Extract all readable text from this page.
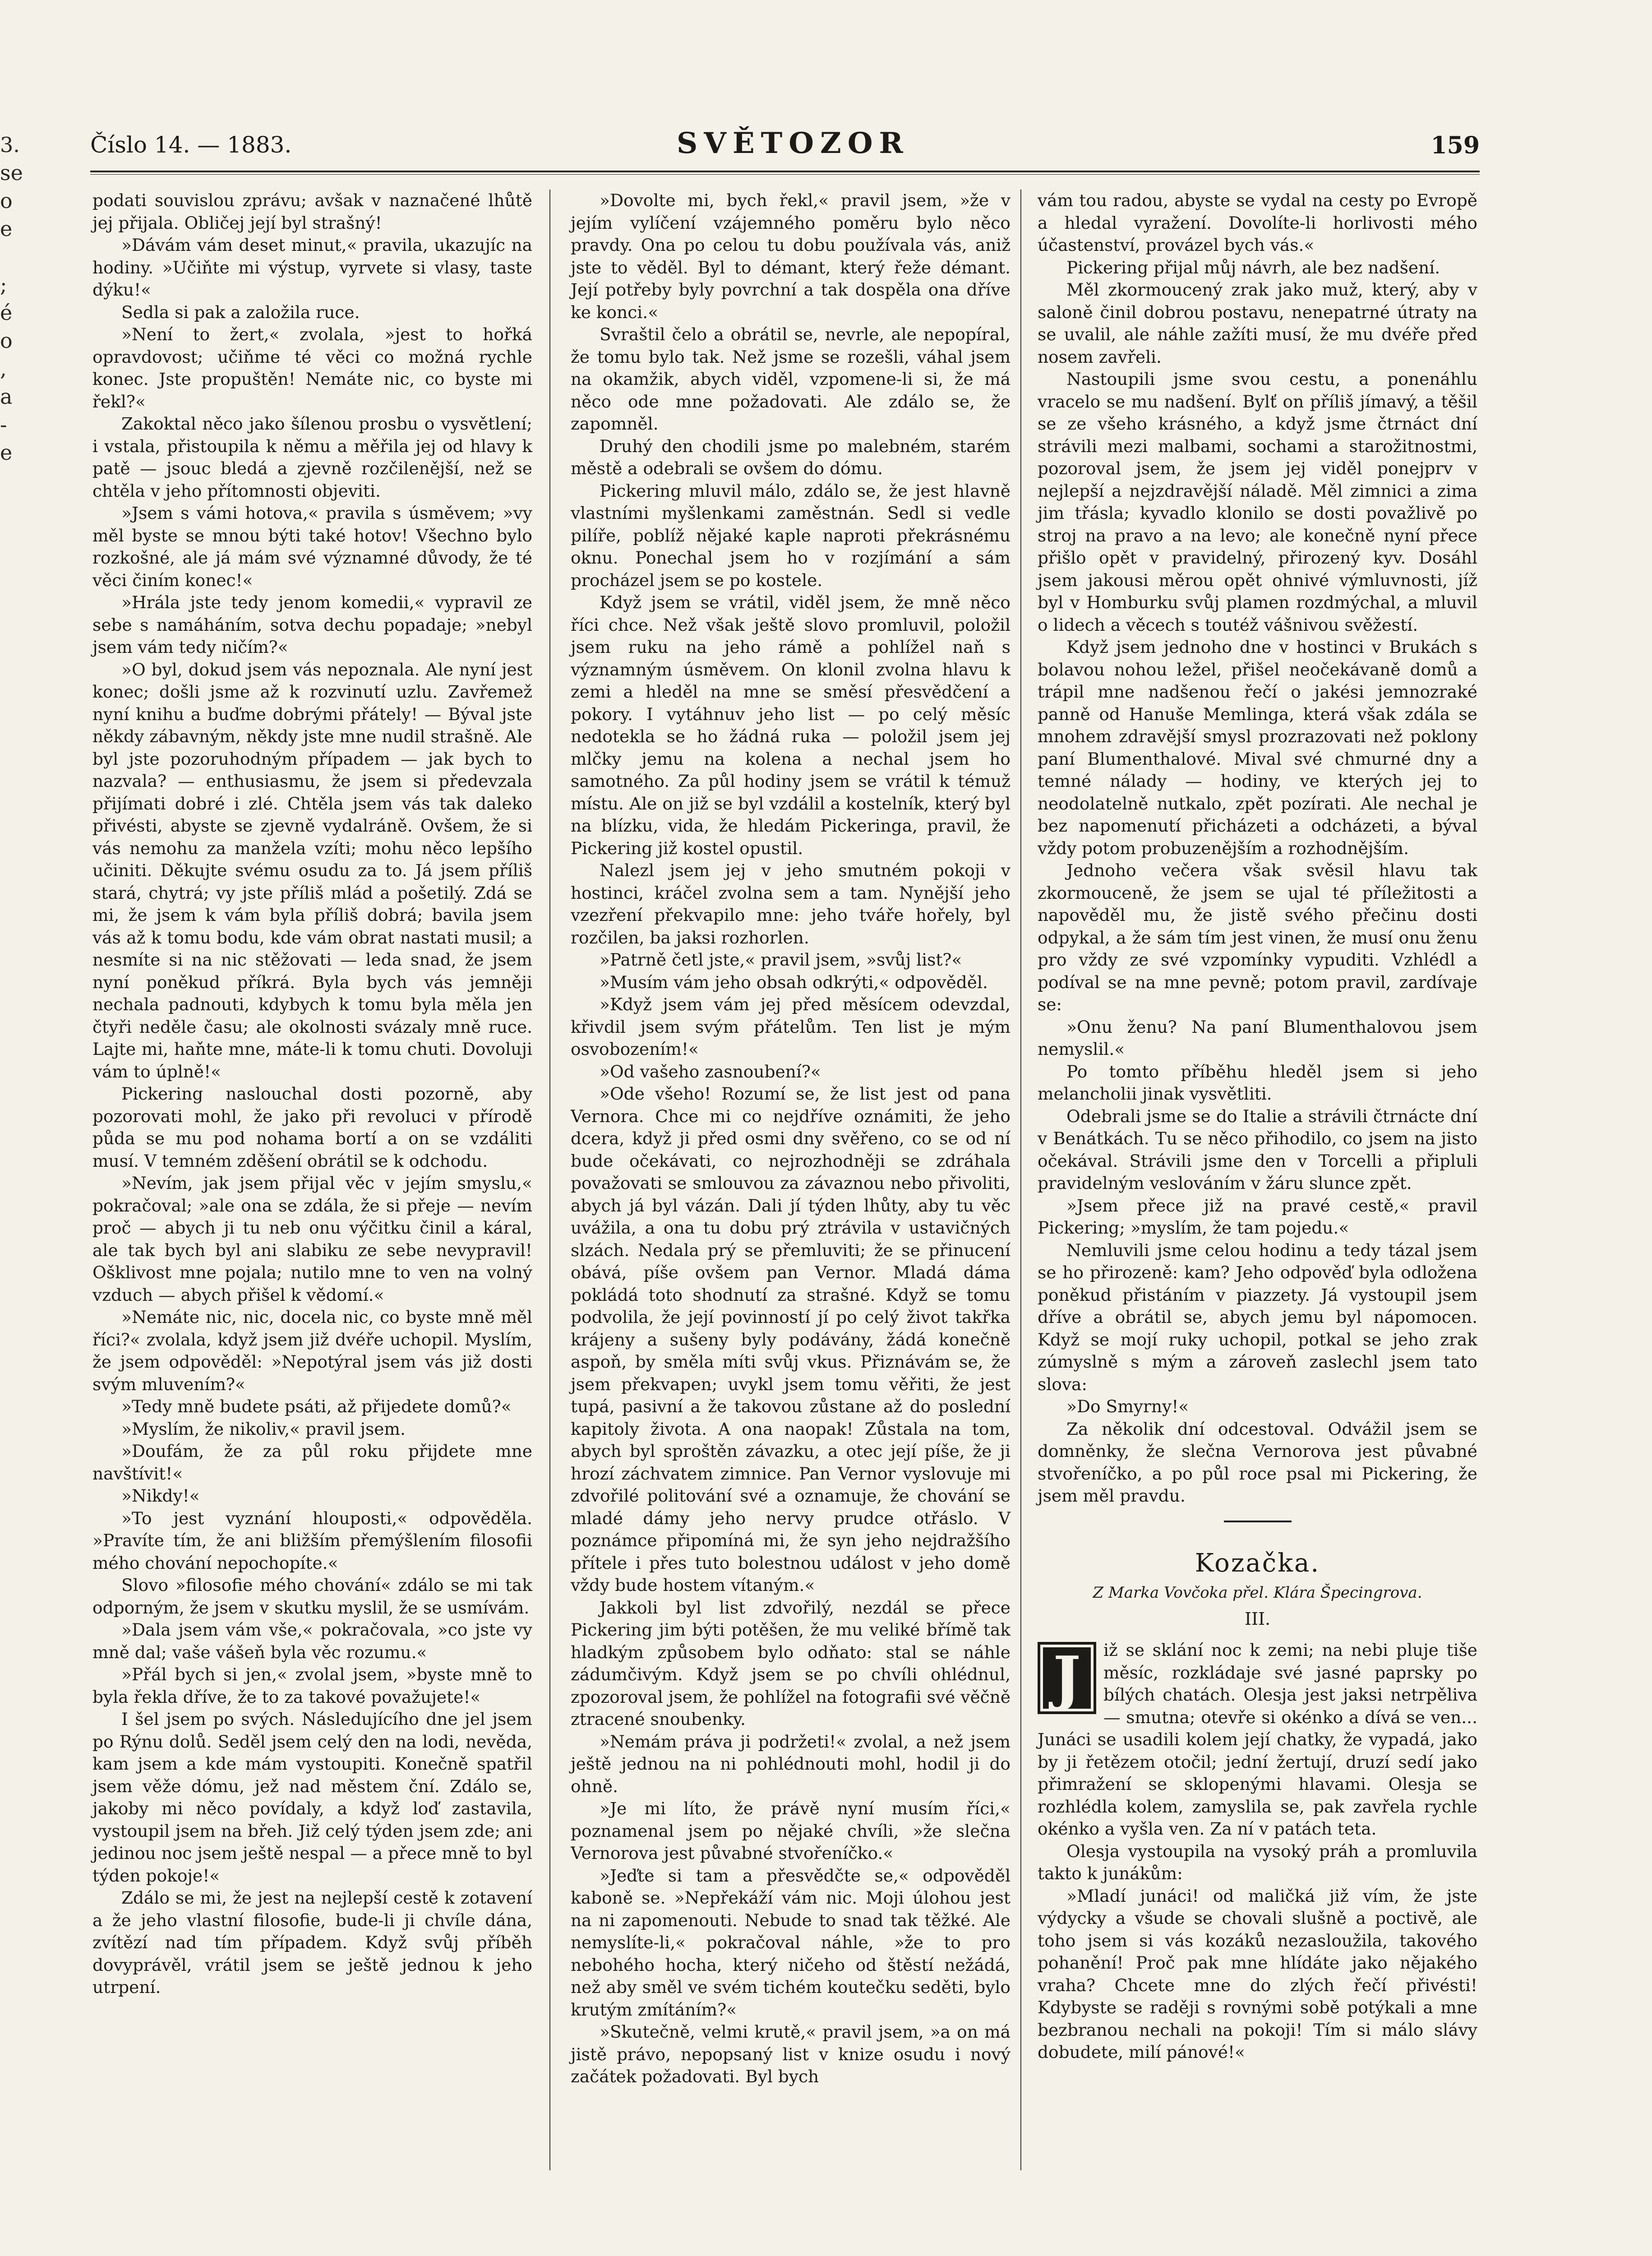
3.
se
o
e
;
é
o
,
a
-
e
Číslo 14. — 1883.	SVĚTOZOR	159

podati souvislou zprávu; avšak v naznačené lhůtě jej přijala. Obličej její byl strašný!

»Dávám vám deset minut,« pravila, ukazujíc na hodiny. »Učiňte mi výstup, vyrvete si vlasy, taste dýku!«

Sedla si pak a založila ruce.

»Není to žert,« zvolala, »jest to hořká opravdovost; učiňme té věci co možná rychle konec. Jste propuštěn! Nemáte nic, co byste mi řekl?«

Zakoktal něco jako šílenou prosbu o vysvětlení; i vstala, přistoupila k němu a měřila jej od hlavy k patě — jsouc bledá a zjevně rozčilenější, než se chtěla v jeho přítomnosti objeviti.

»Jsem s vámi hotova,« pravila s úsměvem; »vy měl byste se mnou býti také hotov! Všechno bylo rozkošné, ale já mám své významné důvody, že té věci činím konec!«

»Hrála jste tedy jenom komedii,« vypravil ze sebe s namáháním, sotva dechu popadaje; »nebyl jsem vám tedy ničím?«

»O byl, dokud jsem vás nepoznala. Ale nyní jest konec; došli jsme až k rozvinutí uzlu. Zavřemež nyní knihu a buďme dobrými přátely! — Býval jste někdy zábavným, někdy jste mne nudil strašně. Ale byl jste pozoruhodným případem — jak bych to nazvala? — enthusiasmu, že jsem si předevzala přijímati dobré i zlé. Chtěla jsem vás tak daleko přivésti, abyste se zjevně vydalráně. Ovšem, že si vás nemohu za manžela vzíti; mohu něco lepšího učiniti. Děkujte svému osudu za to. Já jsem příliš stará, chytrá; vy jste příliš mlád a pošetilý. Zdá se mi, že jsem k vám byla příliš dobrá; bavila jsem vás až k tomu bodu, kde vám obrat nastati musil; a nesmíte si na nic stěžovati — leda snad, že jsem nyní poněkud příkrá. Byla bych vás jemněji nechala padnouti, kdybych k tomu byla měla jen čtyři neděle času; ale okolnosti svázaly mně ruce. Lajte mi, haňte mne, máte-li k tomu chuti. Dovoluji vám to úplně!«

Pickering naslouchal dosti pozorně, aby pozorovati mohl, že jako při revoluci v přírodě půda se mu pod nohama bortí a on se vzdáliti musí. V temném zděšení obrátil se k odchodu.

»Nevím, jak jsem přijal věc v jejím smyslu,« pokračoval; »ale ona se zdála, že si přeje — nevím proč — abych ji tu neb onu výčitku činil a káral, ale tak bych byl ani slabiku ze sebe nevypravil! Ošklivost mne pojala; nutilo mne to ven na volný vzduch — abych přišel k vědomí.«

»Nemáte nic, nic, docela nic, co byste mně měl říci?« zvolala, když jsem již dvéře uchopil. Myslím, že jsem odpověděl: »Nepotýral jsem vás již dosti svým mluvením?«

»Tedy mně budete psáti, až přijedete domů?«

»Myslím, že nikoliv,« pravil jsem.

»Doufám, že za půl roku přijdete mne navštívit!«

»Nikdy!«

»To jest vyznání hlouposti,« odpověděla. »Pravíte tím, že ani bližším přemýšlením filosofii mého chování nepochopíte.«

Slovo »filosofie mého chování« zdálo se mi tak odporným, že jsem v skutku myslil, že se usmívám.

»Dala jsem vám vše,« pokračovala, »co jste vy mně dal; vaše vášeň byla věc rozumu.«

»Přál bych si jen,« zvolal jsem, »byste mně to byla řekla dříve, že to za takové považujete!«

I šel jsem po svých. Následujícího dne jel jsem po Rýnu dolů. Seděl jsem celý den na lodi, nevěda, kam jsem a kde mám vystoupiti. Konečně spatřil jsem věže dómu, jež nad městem ční. Zdálo se, jakoby mi něco povídaly, a když loď zastavila, vystoupil jsem na břeh. Již celý týden jsem zde; ani jedinou noc jsem ještě nespal — a přece mně to byl týden pokoje!«

Zdálo se mi, že jest na nejlepší cestě k zotavení a že jeho vlastní filosofie, bude-li ji chvíle dána, zvítězí nad tím případem. Když svůj příběh dovyprávěl, vrátil jsem se ještě jednou k jeho utrpení.

»Dovolte mi, bych řekl,« pravil jsem, »že v jejím vylíčení vzájemného poměru bylo něco pravdy. Ona po celou tu dobu používala vás, aniž jste to věděl. Byl to démant, který řeže démant. Její potřeby byly povrchní a tak dospěla ona dříve ke konci.«

Svraštil čelo a obrátil se, nevrle, ale nepopíral, že tomu bylo tak. Než jsme se rozešli, váhal jsem na okamžik, abych viděl, vzpomene-li si, že má něco ode mne požadovati. Ale zdálo se, že zapomněl.

Druhý den chodili jsme po malebném, starém městě a odebrali se ovšem do dómu.

Pickering mluvil málo, zdálo se, že jest hlavně vlastními myšlenkami zaměstnán. Sedl si vedle pilíře, poblíž nějaké kaple naproti překrásnému oknu. Ponechal jsem ho v rozjímání a sám procházel jsem se po kostele.

Když jsem se vrátil, viděl jsem, že mně něco říci chce. Než však ještě slovo promluvil, položil jsem ruku na jeho rámě a pohlížel naň s významným úsměvem. On klonil zvolna hlavu k zemi a hleděl na mne se směsí přesvědčení a pokory. I vytáhnuv jeho list — po celý měsíc nedotekla se ho žádná ruka — položil jsem jej mlčky jemu na kolena a nechal jsem ho samotného. Za půl hodiny jsem se vrátil k témuž místu. Ale on již se byl vzdálil a kostelník, který byl na blízku, vida, že hledám Pickeringa, pravil, že Pickering již kostel opustil.

Nalezl jsem jej v jeho smutném pokoji v hostinci, kráčel zvolna sem a tam. Nynější jeho vzezření překvapilo mne: jeho tváře hořely, byl rozčilen, ba jaksi rozhorlen.

»Patrně četl jste,« pravil jsem, »svůj list?«

»Musím vám jeho obsah odkrýti,« odpověděl.

»Když jsem vám jej před měsícem odevzdal, křivdil jsem svým přátelům. Ten list je mým osvobozením!«

»Od vašeho zasnoubení?«

»Ode všeho! Rozumí se, že list jest od pana Vernora. Chce mi co nejdříve oznámiti, že jeho dcera, když ji před osmi dny svěřeno, co se od ní bude očekávati, co nejrozhodněji se zdráhala považovati se smlouvou za závaznou nebo přivoliti, abych já byl vázán. Dali jí týden lhůty, aby tu věc uvážila, a ona tu dobu prý ztrávila v ustavičných slzách. Nedala prý se přemluviti; že se přinucení obává, píše ovšem pan Vernor. Mladá dáma pokládá toto shodnutí za strašné. Když se tomu podvolila, že její povinností jí po celý život takřka krájeny a sušeny byly podávány, žádá konečně aspoň, by směla míti svůj vkus. Přiznávám se, že jsem překvapen; uvykl jsem tomu věřiti, že jest tupá, pasivní a že takovou zůstane až do poslední kapitoly života. A ona naopak! Zůstala na tom, abych byl sproštěn závazku, a otec její píše, že ji hrozí záchvatem zimnice. Pan Vernor vyslovuje mi zdvořilé politování své a oznamuje, že chování se mladé dámy jeho nervy prudce otřáslo. V poznámce připomíná mi, že syn jeho nejdražšího přítele i přes tuto bolestnou událost v jeho domě vždy bude hostem vítaným.«

Jakkoli byl list zdvořilý, nezdál se přece Pickering jim býti potěšen, že mu veliké břímě tak hladkým způsobem bylo odňato: stal se náhle zádumčivým. Když jsem se po chvíli ohlédnul, zpozoroval jsem, že pohlížel na fotografii své věčně ztracené snoubenky.

»Nemám práva ji podržeti!« zvolal, a než jsem ještě jednou na ni pohlédnouti mohl, hodil ji do ohně.

»Je mi líto, že právě nyní musím říci,« poznamenal jsem po nějaké chvíli, »že slečna Vernorova jest půvabné stvořeníčko.«

»Jeďte si tam a přesvědčte se,« odpověděl kaboně se. »Nepřekáží vám nic. Moji úlohou jest na ni zapomenouti. Nebude to snad tak těžké. Ale nemyslíte-li,« pokračoval náhle, »že to pro nebohého hocha, který ničeho od štěstí nežádá, než aby směl ve svém tichém koutečku seděti, bylo krutým zmítáním?«

»Skutečně, velmi krutě,« pravil jsem, »a on má jistě právo, nepopsaný list v knize osudu i nový začátek požadovati. Byl bych

vám tou radou, abyste se vydal na cesty po Evropě a hledal vyražení. Dovolíte-li horlivosti mého účastenství, provázel bych vás.«

Pickering přijal můj návrh, ale bez nadšení.

Měl zkormoucený zrak jako muž, který, aby v saloně činil dobrou postavu, nenepatrné útraty na se uvalil, ale náhle zažíti musí, že mu dvéře před nosem zavřeli.

Nastoupili jsme svou cestu, a ponenáhlu vracelo se mu nadšení. Bylť on příliš jímavý, a těšil se ze všeho krásného, a když jsme čtrnáct dní strávili mezi malbami, sochami a starožitnostmi, pozoroval jsem, že jsem jej viděl ponejprv v nejlepší a nejzdravější náladě. Měl zimnici a zima jim třásla; kyvadlo klonilo se dosti považlivě po stroj na pravo a na levo; ale konečně nyní přece přišlo opět v pravidelný, přirozený kyv. Dosáhl jsem jakousi měrou opět ohnivé výmluvnosti, jíž byl v Homburku svůj plamen rozdmýchal, a mluvil o lidech a věcech s toutéž vášnivou svěžestí.

Když jsem jednoho dne v hostinci v Brukách s bolavou nohou ležel, přišel neočekávaně domů a trápil mne nadšenou řečí o jakési jemnozraké panně od Hanuše Memlinga, která však zdála se mnohem zdravější smysl prozrazovati než poklony paní Blumenthalové. Mival své chmurné dny a temné nálady — hodiny, ve kterých jej to neodolatelně nutkalo, zpět pozírati. Ale nechal je bez napomenutí přicházeti a odcházeti, a býval vždy potom probuzenějším a rozhodnějším.

Jednoho večera však svěsil hlavu tak zkormouceně, že jsem se ujal té příležitosti a napověděl mu, že jistě svého přečinu dosti odpykal, a že sám tím jest vinen, že musí onu ženu pro vždy ze své vzpomínky vypuditi. Vzhlédl a podíval se na mne pevně; potom pravil, zardívaje se:

»Onu ženu? Na paní Blumenthalovou jsem nemyslil.«

Po tomto příběhu hleděl jsem si jeho melancholii jinak vysvětliti.

Odebrali jsme se do Italie a strávili čtrnácte dní v Benátkách. Tu se něco přihodilo, co jsem na jisto očekával. Strávili jsme den v Torcelli a připluli pravidelným veslováním v žáru slunce zpět.

»Jsem přece již na pravé cestě,« pravil Pickering; »myslím, že tam pojedu.«

Nemluvili jsme celou hodinu a tedy tázal jsem se ho přirozeně: kam? Jeho odpověď byla odložena poněkud přistáním v piazzety. Já vystoupil jsem dříve a obrátil se, abych jemu byl nápomocen. Když se mojí ruky uchopil, potkal se jeho zrak zúmyslně s mým a zároveň zaslechl jsem tato slova:

»Do Smyrny!«

Za několik dní odcestoval. Odvážil jsem se domněnky, že slečna Vernorova jest půvabné stvořeníčko, a po půl roce psal mi Pickering, že jsem měl pravdu.

Kozačka.
Z Marka Vovčoka přel. Klára Špecingrova.
III.
J	iž se sklání noc k zemi; na nebi pluje tiše měsíc, rozkládaje své jasné paprsky po bílých chatách. Olesja jest jaksi netrpěliva — smutna; otevře si okénko a dívá se ven... Junáci se usadili kolem její chatky, že vypadá, jako by ji řetězem otočil; jední žertují, druzí sedí jako přimražení se sklopenými hlavami. Olesja se rozhlédla kolem, zamyslila se, pak zavřela rychle okénko a vyšla ven. Za ní v patách teta.

Olesja vystoupila na vysoký práh a promluvila takto k junákům:

»Mladí junáci! od maličká již vím, že jste výdycky a všude se chovali slušně a poctivě, ale toho jsem si vás kozáků nezasloužila, takového pohanění! Proč pak mne hlídáte jako nějakého vraha? Chcete mne do zlých řečí přivésti! Kdybyste se raději s rovnými sobě potýkali a mne bezbranou nechali na pokoji! Tím si málo slávy dobudete, milí pánové!«
